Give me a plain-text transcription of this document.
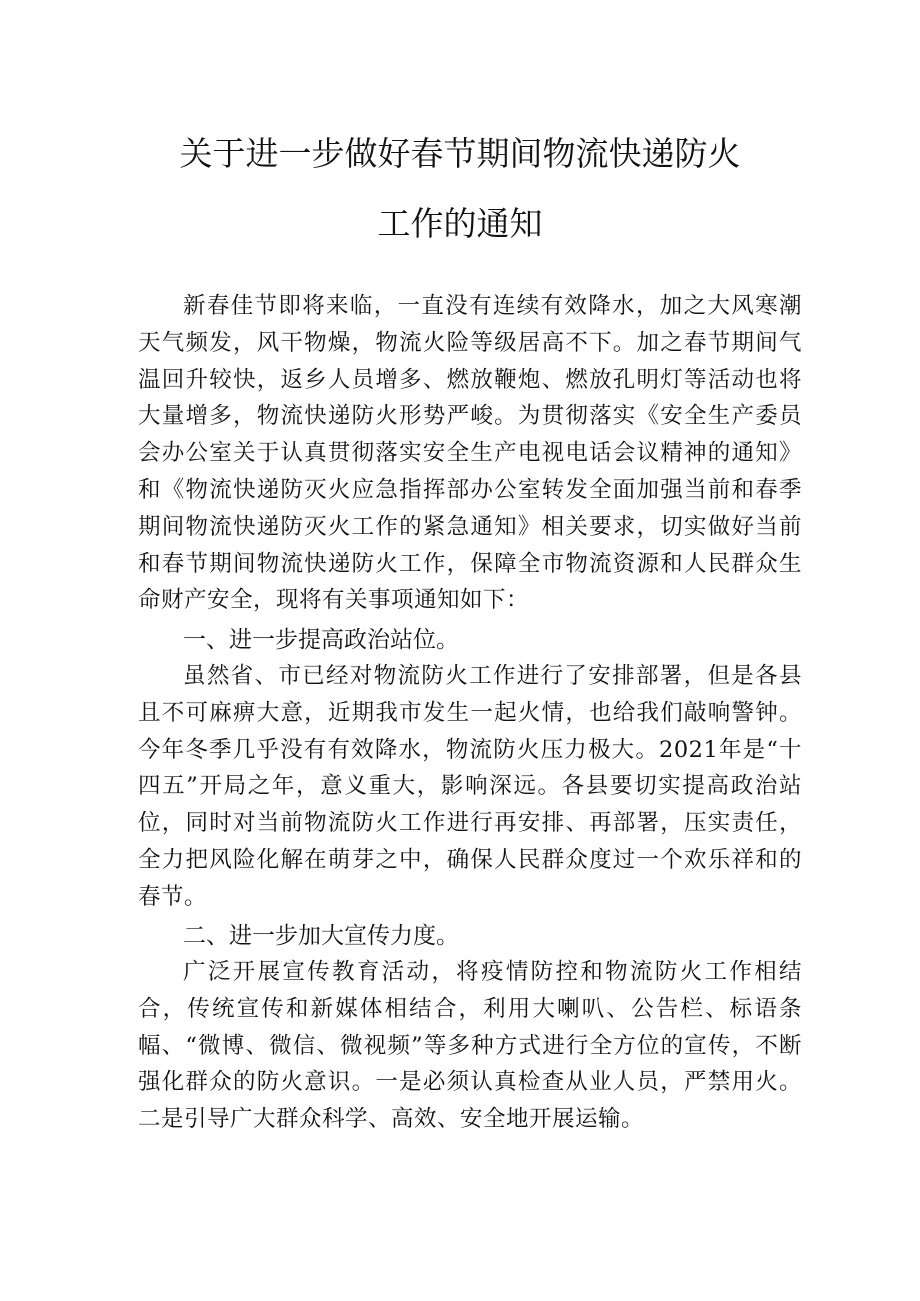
关于进一步做好春节期间物流快递防火
工作的通知

新春佳节即将来临，一直没有连续有效降水，加之大风寒潮天气频发，风干物燥，物流火险等级居高不下。加之春节期间气温回升较快，返乡人员增多、燃放鞭炮、燃放孔明灯等活动也将大量增多，物流快递防火形势严峻。为贯彻落实《安全生产委员会办公室关于认真贯彻落实安全生产电视电话会议精神的通知》和《物流快递防灭火应急指挥部办公室转发全面加强当前和春季期间物流快递防灭火工作的紧急通知》相关要求，切实做好当前和春节期间物流快递防火工作，保障全市物流资源和人民群众生命财产安全，现将有关事项通知如下：

一、进一步提高政治站位。

虽然省、市已经对物流防火工作进行了安排部署，但是各县且不可麻痹大意，近期我市发生一起火情，也给我们敲响警钟。今年冬季几乎没有有效降水，物流防火压力极大。2021年是“十四五”开局之年，意义重大，影响深远。各县要切实提高政治站位，同时对当前物流防火工作进行再安排、再部署，压实责任，全力把风险化解在萌芽之中，确保人民群众度过一个欢乐祥和的春节。

二、进一步加大宣传力度。

广泛开展宣传教育活动，将疫情防控和物流防火工作相结合，传统宣传和新媒体相结合，利用大喇叭、公告栏、标语条幅、“微博、微信、微视频”等多种方式进行全方位的宣传，不断强化群众的防火意识。一是必须认真检查从业人员，严禁用火。二是引导广大群众科学、高效、安全地开展运输。
